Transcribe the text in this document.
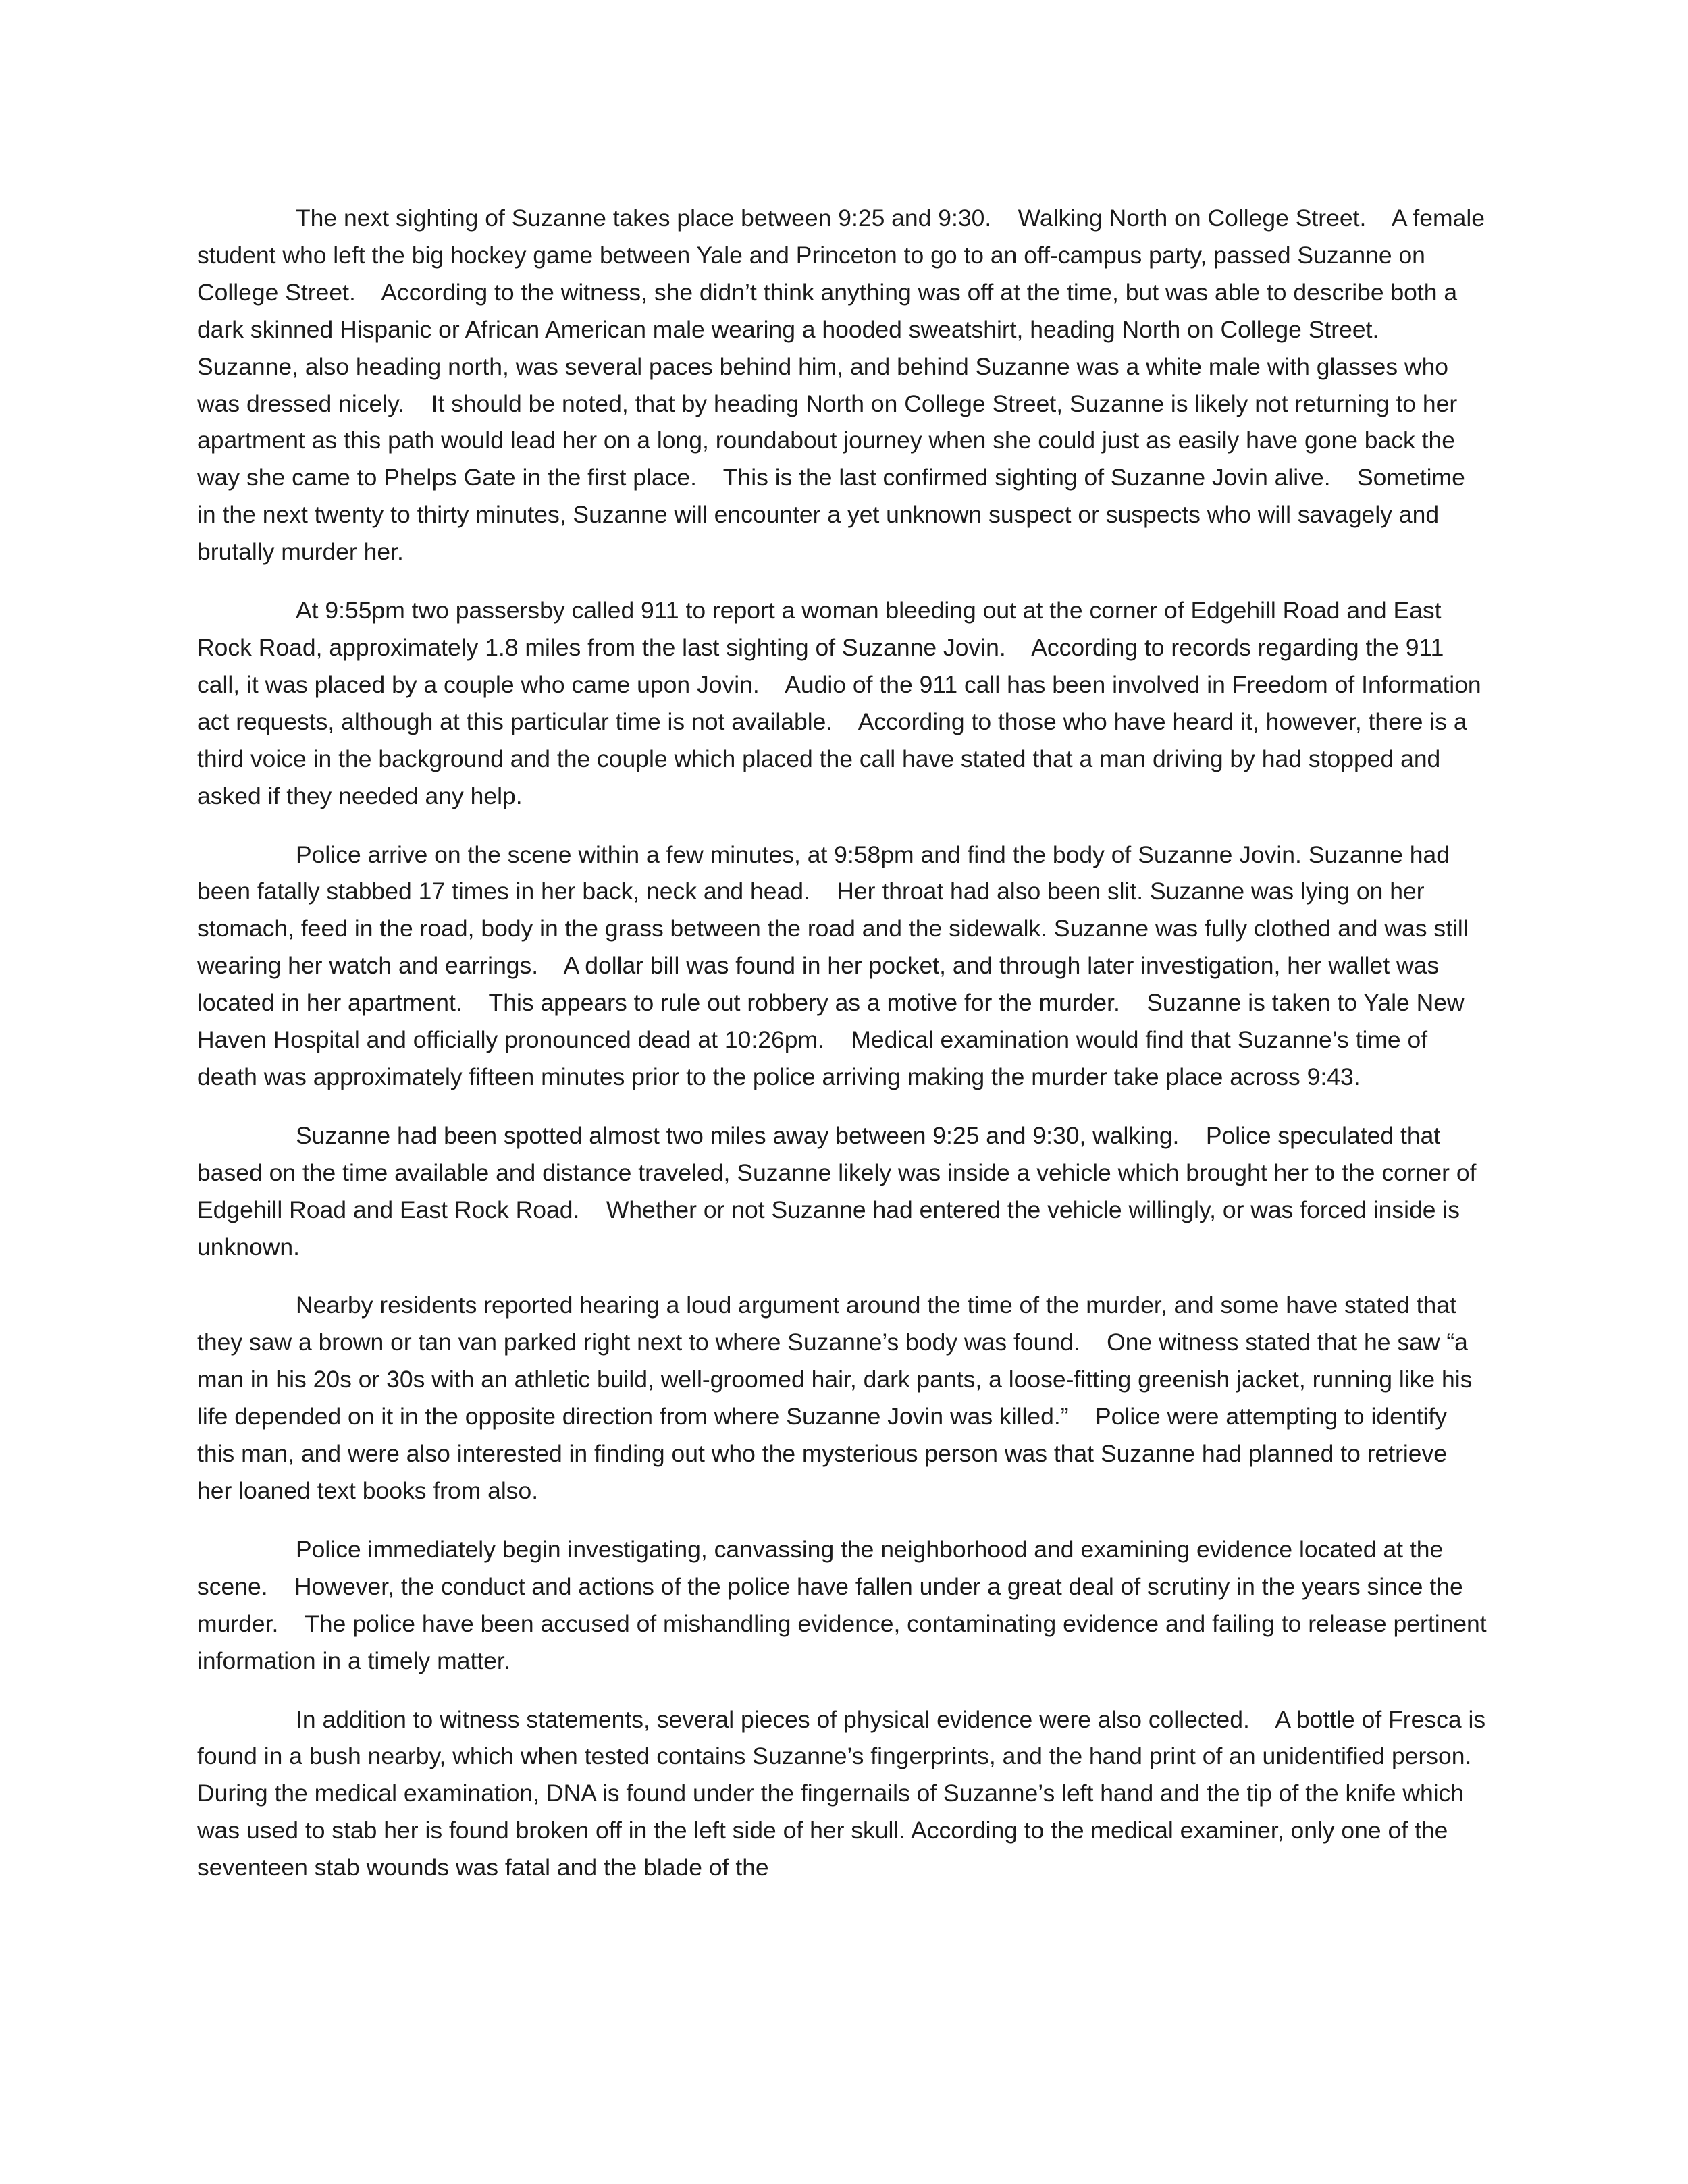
The next sighting of Suzanne takes place between 9:25 and 9:30.    Walking North on College Street.    A female student who left the big hockey game between Yale and Princeton to go to an off-campus party, passed Suzanne on College Street.    According to the witness, she didn’t think anything was off at the time, but was able to describe both a dark skinned Hispanic or African American male wearing a hooded sweatshirt, heading North on College Street.    Suzanne, also heading north, was several paces behind him, and behind Suzanne was a white male with glasses who was dressed nicely.    It should be noted, that by heading North on College Street, Suzanne is likely not returning to her apartment as this path would lead her on a long, roundabout journey when she could just as easily have gone back the way she came to Phelps Gate in the first place.    This is the last confirmed sighting of Suzanne Jovin alive.    Sometime in the next twenty to thirty minutes, Suzanne will encounter a yet unknown suspect or suspects who will savagely and brutally murder her.

At 9:55pm two passersby called 911 to report a woman bleeding out at the corner of Edgehill Road and East Rock Road, approximately 1.8 miles from the last sighting of Suzanne Jovin.    According to records regarding the 911 call, it was placed by a couple who came upon Jovin.    Audio of the 911 call has been involved in Freedom of Information act requests, although at this particular time is not available.    According to those who have heard it, however, there is a third voice in the background and the couple which placed the call have stated that a man driving by had stopped and asked if they needed any help.

Police arrive on the scene within a few minutes, at 9:58pm and find the body of Suzanne Jovin. Suzanne had been fatally stabbed 17 times in her back, neck and head.    Her throat had also been slit. Suzanne was lying on her stomach, feed in the road, body in the grass between the road and the sidewalk. Suzanne was fully clothed and was still wearing her watch and earrings.    A dollar bill was found in her pocket, and through later investigation, her wallet was located in her apartment.    This appears to rule out robbery as a motive for the murder.    Suzanne is taken to Yale New Haven Hospital and officially pronounced dead at 10:26pm.    Medical examination would find that Suzanne’s time of death was approximately fifteen minutes prior to the police arriving making the murder take place across 9:43.

Suzanne had been spotted almost two miles away between 9:25 and 9:30, walking.    Police speculated that based on the time available and distance traveled, Suzanne likely was inside a vehicle which brought her to the corner of Edgehill Road and East Rock Road.    Whether or not Suzanne had entered the vehicle willingly, or was forced inside is unknown.

Nearby residents reported hearing a loud argument around the time of the murder, and some have stated that they saw a brown or tan van parked right next to where Suzanne’s body was found.    One witness stated that he saw “a man in his 20s or 30s with an athletic build, well-groomed hair, dark pants, a loose-fitting greenish jacket, running like his life depended on it in the opposite direction from where Suzanne Jovin was killed.”    Police were attempting to identify this man, and were also interested in finding out who the mysterious person was that Suzanne had planned to retrieve her loaned text books from also.

Police immediately begin investigating, canvassing the neighborhood and examining evidence located at the scene.    However, the conduct and actions of the police have fallen under a great deal of scrutiny in the years since the murder.    The police have been accused of mishandling evidence, contaminating evidence and failing to release pertinent information in a timely matter.

In addition to witness statements, several pieces of physical evidence were also collected.    A bottle of Fresca is found in a bush nearby, which when tested contains Suzanne’s fingerprints, and the hand print of an unidentified person.    During the medical examination, DNA is found under the fingernails of Suzanne’s left hand and the tip of the knife which was used to stab her is found broken off in the left side of her skull. According to the medical examiner, only one of the seventeen stab wounds was fatal and the blade of the
